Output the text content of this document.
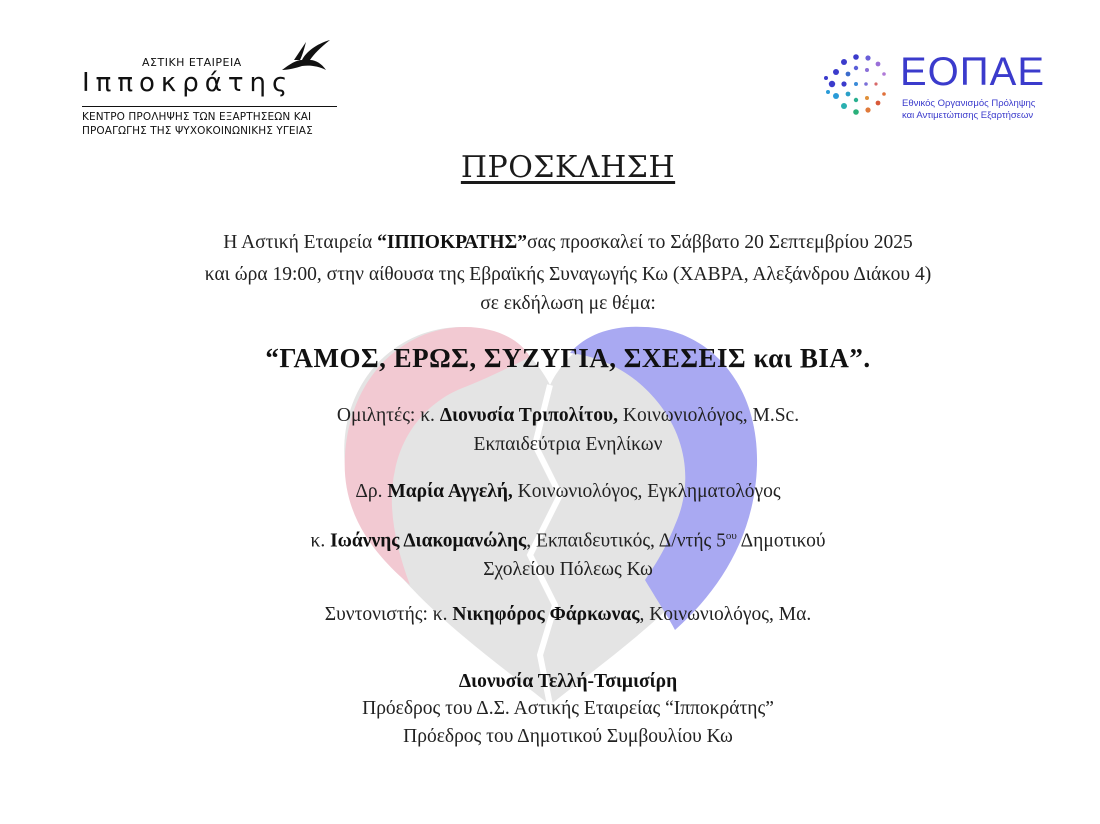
ΑΣΤΙΚΗ ΕΤΑΙΡΕΙΑ
Ιπποκράτης
ΚΕΝΤΡΟ ΠΡΟΛΗΨΗΣ ΤΩΝ ΕΞΑΡΤΗΣΕΩΝ ΚΑΙ
ΠΡΟΑΓΩΓΗΣ ΤΗΣ ΨΥΧΟΚΟΙΝΩΝΙΚΗΣ ΥΓΕΙΑΣ
ΕΟΠΑΕ
Εθνικός Οργανισμός Πρόληψης
και Αντιμετώπισης Εξαρτήσεων
ΠΡΟΣΚΛΗΣΗ
Η Αστική Εταιρεία “ΙΠΠΟΚΡΑΤΗΣ”σας προσκαλεί το Σάββατο 20 Σεπτεμβρίου 2025
και ώρα 19:00, στην αίθουσα της Εβραϊκής Συναγωγής Κω (ΧΑΒΡΑ, Αλεξάνδρου Διάκου 4)
σε εκδήλωση με θέμα:
“ΓΑΜΟΣ, ΕΡΩΣ, ΣΥΖΥΓΙΑ, ΣΧΕΣΕΙΣ και ΒΙΑ”.
Ομιλητές: κ. Διονυσία Τριπολίτου, Κοινωνιολόγος, M.Sc.
Εκπαιδεύτρια Ενηλίκων
Δρ. Μαρία Αγγελή, Κοινωνιολόγος, Εγκληματολόγος
κ. Ιωάννης Διακομανώλης, Εκπαιδευτικός, Δ/ντής $5^{o\upsilon}$ Δημοτικού
Σχολείου Πόλεως Κω
Συντονιστής: κ. Νικηφόρος Φάρκωνας, Κοινωνιολόγος, Μα.
Διονυσία Τελλή-Τσιμισίρη
Πρόεδρος του Δ.Σ. Αστικής Εταιρείας “Ιπποκράτης”
Πρόεδρος του Δημοτικού Συμβουλίου Κω
